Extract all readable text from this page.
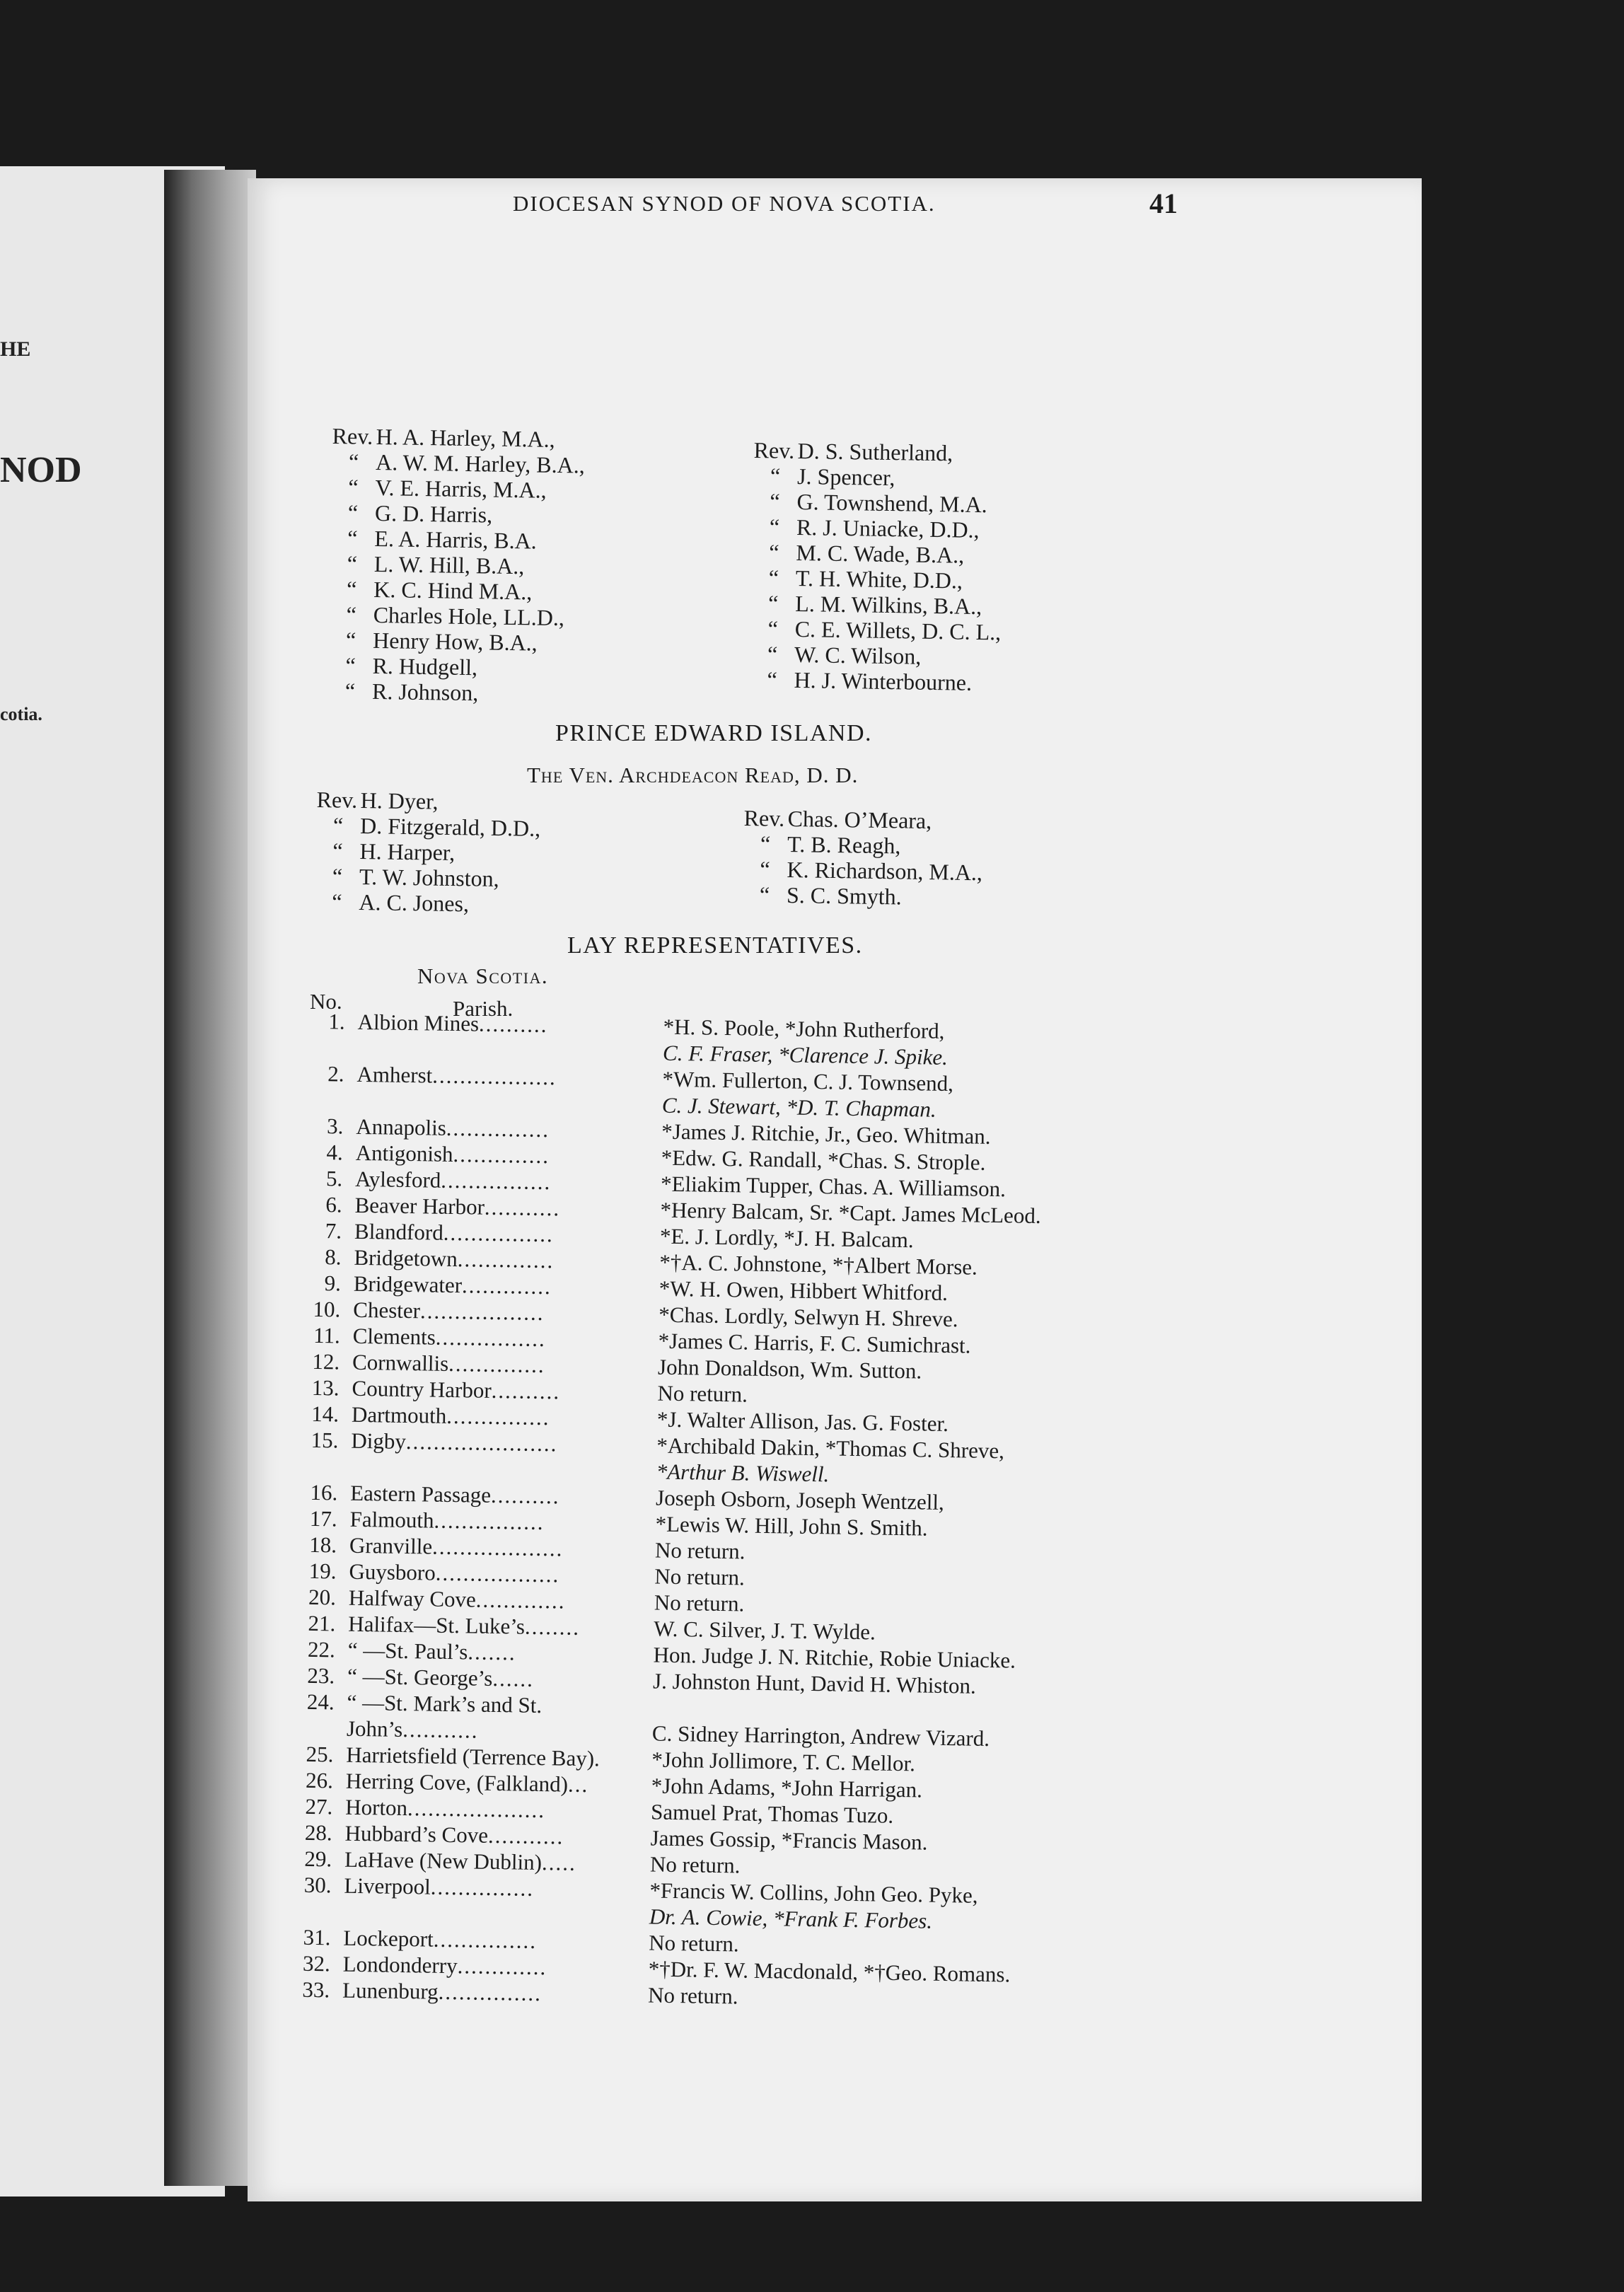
HE
NOD
cotia.
DIOCESAN SYNOD OF NOVA SCOTIA.	41
Rev. H. A. Harley, M.A.,
“ A. W. M. Harley, B.A.,
“ V. E. Harris, M.A.,
“ G. D. Harris,
“ E. A. Harris, B.A.
“ L. W. Hill, B.A.,
“ K. C. Hind M.A.,
“ Charles Hole, LL.D.,
“ Henry How, B.A.,
“ R. Hudgell,
“ R. Johnson,
Rev. D. S. Sutherland,
“ J. Spencer,
“ G. Townshend, M.A.
“ R. J. Uniacke, D.D.,
“ M. C. Wade, B.A.,
“ T. H. White, D.D.,
“ L. M. Wilkins, B.A.,
“ C. E. Willets, D. C. L.,
“ W. C. Wilson,
“ H. J. Winterbourne.
PRINCE EDWARD ISLAND.
The Ven. Archdeacon Read, D. D.
Rev. H. Dyer,
“ D. Fitzgerald, D.D.,
“ H. Harper,
“ T. W. Johnston,
“ A. C. Jones,
Rev. Chas. O’Meara,
“ T. B. Reagh,
“ K. Richardson, M.A.,
“ S. C. Smyth.
LAY REPRESENTATIVES.
Nova Scotia.
No.	Parish.
1. Albion Mines..........	*H. S. Poole, *John Rutherford,
C. F. Fraser, *Clarence J. Spike.
2. Amherst..................	*Wm. Fullerton, C. J. Townsend,
C. J. Stewart, *D. T. Chapman.
3. Annapolis...............	*James J. Ritchie, Jr., Geo. Whitman.
4. Antigonish..............	*Edw. G. Randall, *Chas. S. Strople.
5. Aylesford................	*Eliakim Tupper, Chas. A. Williamson.
6. Beaver Harbor...........	*Henry Balcam, Sr. *Capt. James McLeod.
7. Blandford................	*E. J. Lordly, *J. H. Balcam.
8. Bridgetown..............	*†A. C. Johnstone, *†Albert Morse.
9. Bridgewater.............	*W. H. Owen, Hibbert Whitford.
10. Chester..................	*Chas. Lordly, Selwyn H. Shreve.
11. Clements................	*James C. Harris, F. C. Sumichrast.
12. Cornwallis..............	John Donaldson, Wm. Sutton.
13. Country Harbor..........	No return.
14. Dartmouth...............	*J. Walter Allison, Jas. G. Foster.
15. Digby......................	*Archibald Dakin, *Thomas C. Shreve,
*Arthur B. Wiswell.
16. Eastern Passage..........	Joseph Osborn, Joseph Wentzell,
17. Falmouth................	*Lewis W. Hill, John S. Smith.
18. Granville...................	No return.
19. Guysboro..................	No return.
20. Halfway Cove.............	No return.
21. Halifax—St. Luke’s........	W. C. Silver, J. T. Wylde.
22. “ —St. Paul’s.......	Hon. Judge J. N. Ritchie, Robie Uniacke.
23. “ —St. George’s......	J. Johnston Hunt, David H. Whiston.
24. “ —St. Mark’s and St.
John’s...........	C. Sidney Harrington, Andrew Vizard.
25. Harrietsfield (Terrence Bay). *John Jollimore, T. C. Mellor.
26. Herring Cove, (Falkland)...	*John Adams, *John Harrigan.
27. Horton....................	Samuel Prat, Thomas Tuzo.
28. Hubbard’s Cove...........	James Gossip, *Francis Mason.
29. LaHave (New Dublin).....	No return.
30. Liverpool...............	*Francis W. Collins, John Geo. Pyke,
Dr. A. Cowie, *Frank F. Forbes.
31. Lockeport...............	No return.
32. Londonderry.............	*†Dr. F. W. Macdonald, *†Geo. Romans.
33. Lunenburg...............	No return.
